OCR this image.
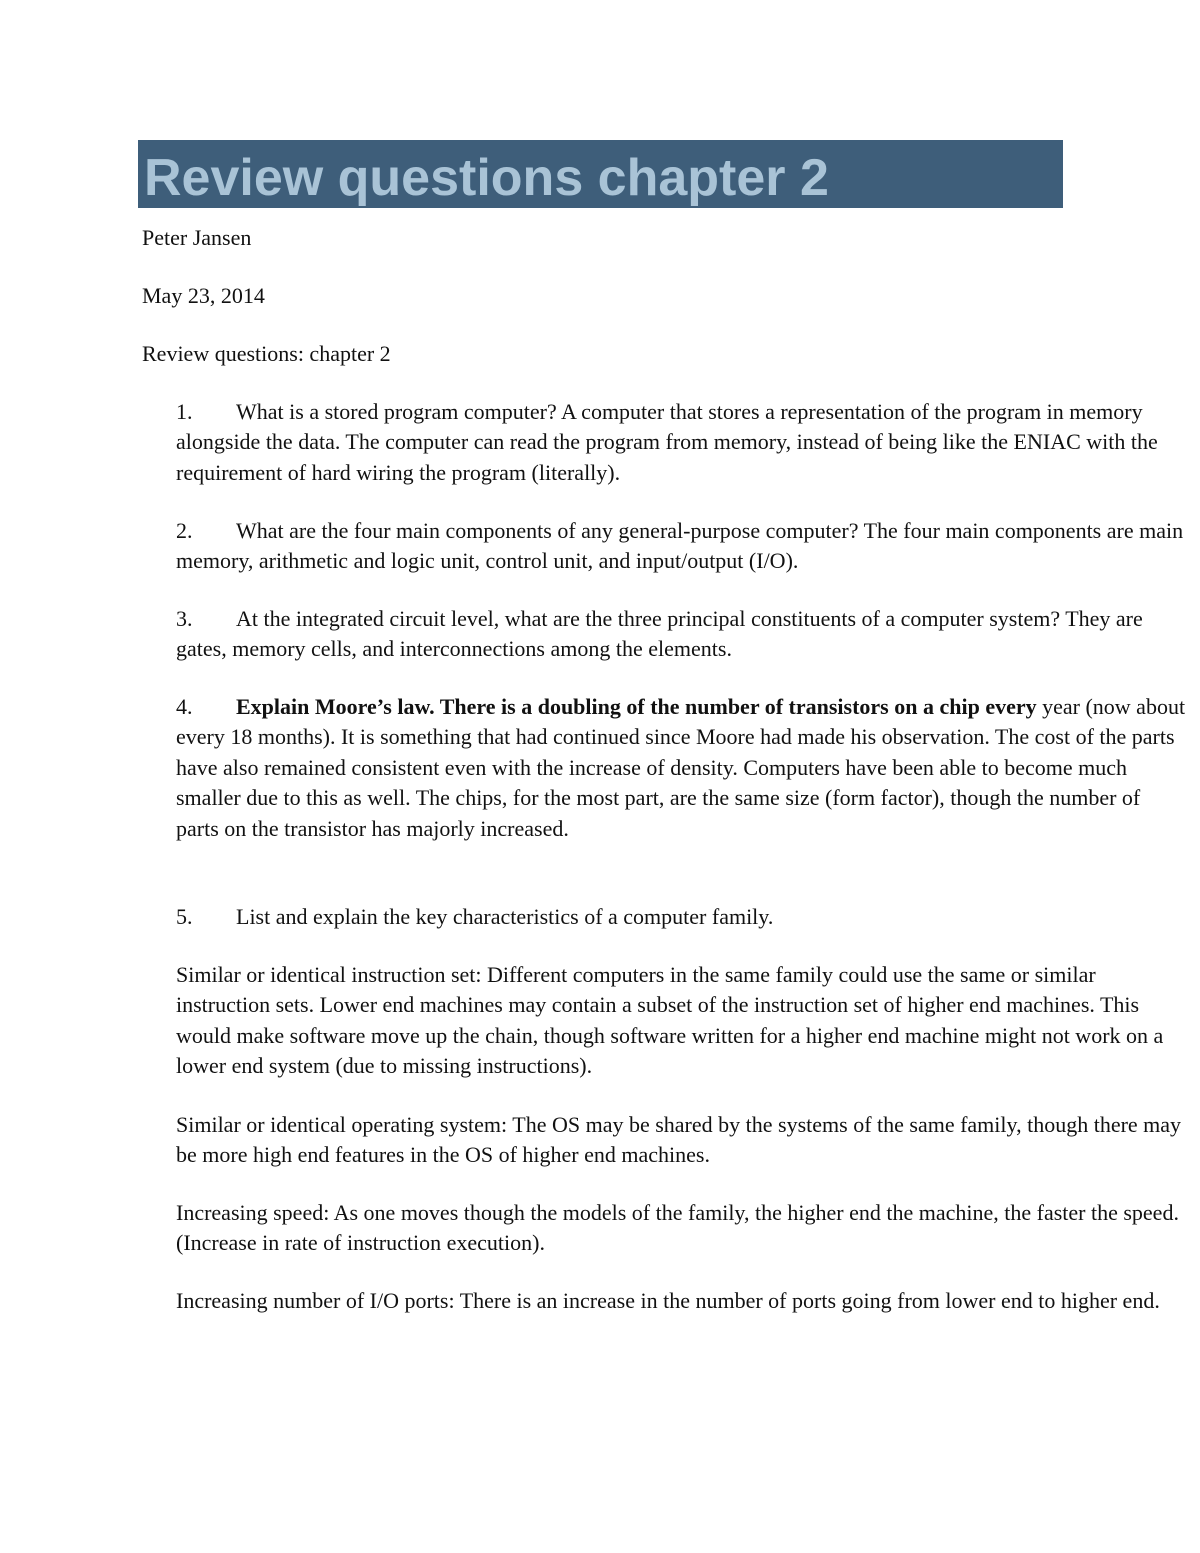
Review questions chapter 2
Peter Jansen
May 23, 2014
Review questions: chapter 2
1. What is a stored program computer? A computer that stores a representation of the program in memory alongside the data. The computer can read the program from memory, instead of being like the ENIAC with the requirement of hard wiring the program (literally).
2. What are the four main components of any general-purpose computer? The four main components are main memory, arithmetic and logic unit, control unit, and input/output (I/O).
3. At the integrated circuit level, what are the three principal constituents of a computer system? They are gates, memory cells, and interconnections among the elements.
4. Explain Moore’s law. There is a doubling of the number of transistors on a chip every year (now about every 18 months). It is something that had continued since Moore had made his observation. The cost of the parts have also remained consistent even with the increase of density. Computers have been able to become much smaller due to this as well. The chips, for the most part, are the same size (form factor), though the number of parts on the transistor has majorly increased.
5. List and explain the key characteristics of a computer family.
Similar or identical instruction set: Different computers in the same family could use the same or similar instruction sets. Lower end machines may contain a subset of the instruction set of higher end machines. This would make software move up the chain, though software written for a higher end machine might not work on a lower end system (due to missing instructions).
Similar or identical operating system: The OS may be shared by the systems of the same family, though there may be more high end features in the OS of higher end machines.
Increasing speed: As one moves though the models of the family, the higher end the machine, the faster the speed. (Increase in rate of instruction execution).
Increasing number of I/O ports: There is an increase in the number of ports going from lower end to higher end.
